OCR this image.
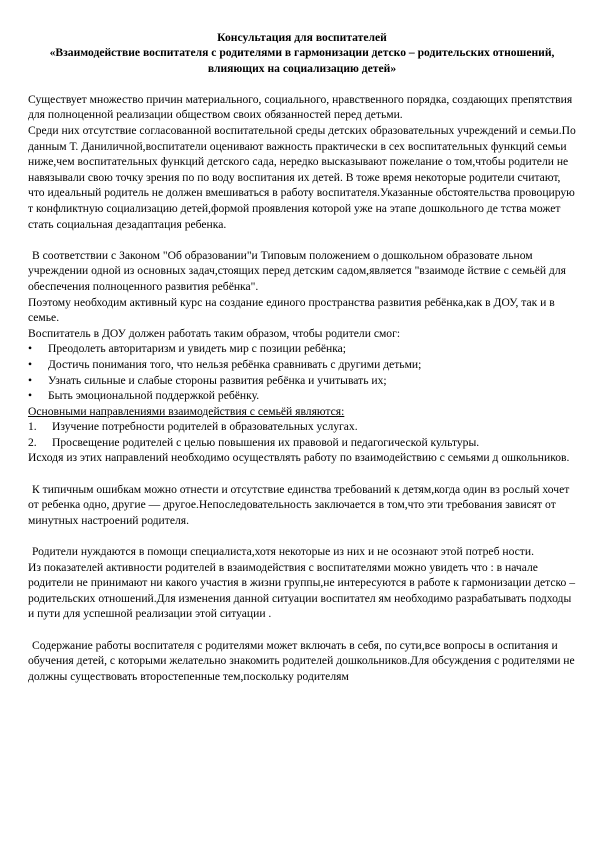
Консультация для воспитателей
«Взаимодействие воспитателя с родителями в гармонизации детско – родительских отношений, влияющих на социализацию детей»

Существует множество причин материального, социального, нравственного порядка, создающих препятствия для полноценной реализации обществом своих обязанностей перед детьми.

Среди них отсутствие согласованной воспитательной среды детских образовательных учреждений и семьи.По данным Т. Даниличной,воспитатели оценивают важность практически в сех воспитательных функций семьи ниже,чем воспитательных функций детского сада, нередко высказывают пожелание о том,чтобы родители не навязывали свою точку зрения по по воду воспитания их детей. В тоже время некоторые родители считают, что идеальный родитель не должен вмешиваться в работу воспитателя.Указанные обстоятельства провоцирую т конфликтную социализацию детей,формой проявления которой уже на этапе дошкольного де тства может стать социальная дезадаптация ребенка.

В соответствии с Законом "Об образовании"и Типовым положением о дошкольном образовате льном учреждении одной из основных задач,стоящих перед детским садом,является "взаимоде йствие с семьёй для обеспечения полноценного развития ребёнка".

Поэтому необходим активный курс на создание единого пространства развития ребёнка,как в ДОУ, так и в семье.

Воспитатель в ДОУ должен работать таким образом, чтобы родители смог:

•	Преодолеть авторитаризм и увидеть мир с позиции ребёнка;
•	Достичь понимания того, что нельзя ребёнка сравнивать с другими детьми;
•	Узнать сильные и слабые стороны развития ребёнка и учитывать их;
•	Быть эмоциональной поддержкой ребёнку.

Основными направлениями взаимодействия с семьёй являются:

1.	Изучение потребности родителей в образовательных услугах.
2.	Просвещение родителей с целью повышения их правовой и педагогической культуры.

Исходя из этих направлений необходимо осуществлять работу по взаимодействию с семьями д ошкольников.

К типичным ошибкам можно отнести и отсутствие единства требований к детям,когда один вз рослый хочет от ребенка одно, другие — другое.Непоследовательность заключается в том,что эти требования зависят от минутных настроений родителя.

Родители нуждаются в помощи специалиста,хотя некоторые из них и не осознают этой потреб ности.

Из показателей активности родителей в взаимодействия с воспитателями можно увидеть что : в начале родители не принимают ни какого участия в жизни группы,не интересуются в работе к гармонизации детско – родительских отношений.Для изменения данной ситуации воспитател ям необходимо разрабатывать подходы и пути для успешной реализации этой ситуации .

Содержание работы воспитателя с родителями может включать в себя, по сути,все вопросы в оспитания и обучения детей, с которыми желательно знакомить родителей дошкольников.Для обсуждения с родителями не должны существовать второстепенные тем,поскольку родителям
